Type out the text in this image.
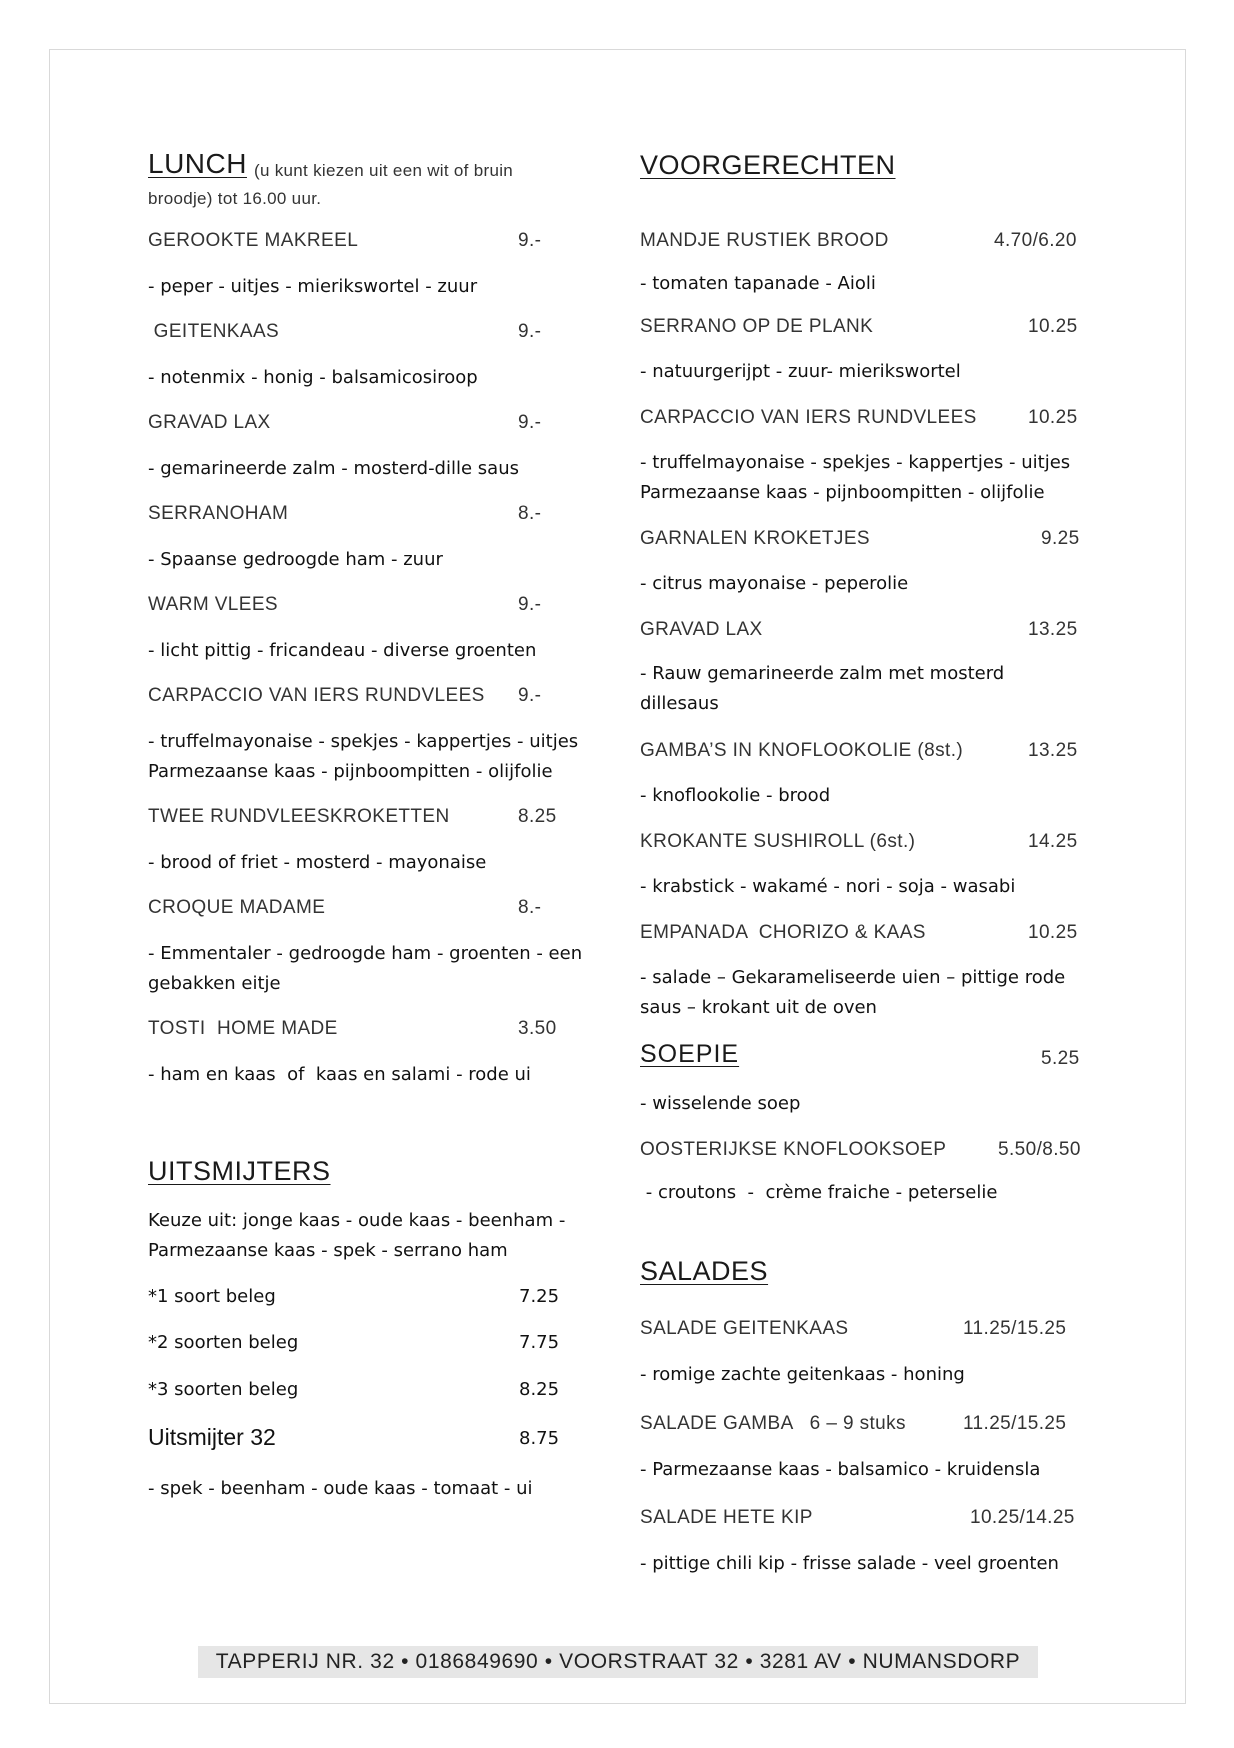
LUNCH (u kunt kiezen uit een wit of bruin
broodje) tot 16.00 uur.
GEROOKTE MAKREEL	9.-
- peper - uitjes - mierikswortel - zuur
GEITENKAAS	9.-
- notenmix - honig - balsamicosiroop
GRAVAD LAX	9.-
- gemarineerde zalm - mosterd-dille saus
SERRANOHAM	8.-
- Spaanse gedroogde ham - zuur
WARM VLEES	9.-
- licht pittig - fricandeau - diverse groenten
CARPACCIO VAN IERS RUNDVLEES 9.-
- truffelmayonaise - spekjes - kappertjes - uitjes
Parmezaanse kaas - pijnboompitten - olijfolie
TWEE RUNDVLEESKROKETTEN	8.25
- brood of friet - mosterd - mayonaise
CROQUE MADAME	8.-
- Emmentaler - gedroogde ham - groenten - een
gebakken eitje
TOSTI  HOME MADE	3.50
- ham en kaas  of  kaas en salami - rode ui
UITSMIJTERS
Keuze uit: jonge kaas - oude kaas - beenham -
Parmezaanse kaas - spek - serrano ham
*1 soort beleg	7.25
*2 soorten beleg	7.75
*3 soorten beleg	8.25
Uitsmijter 32	8.75
- spek - beenham - oude kaas - tomaat - ui
VOORGERECHTEN
MANDJE RUSTIEK BROOD	4.70/6.20
- tomaten tapanade - Aioli
SERRANO OP DE PLANK	10.25
- natuurgerijpt - zuur- mierikswortel
CARPACCIO VAN IERS RUNDVLEES	10.25
- truffelmayonaise - spekjes - kappertjes - uitjes
Parmezaanse kaas - pijnboompitten - olijfolie
GARNALEN KROKETJES	9.25
- citrus mayonaise - peperolie
GRAVAD LAX	13.25
- Rauw gemarineerde zalm met mosterd
dillesaus
GAMBA’S IN KNOFLOOKOLIE (8st.)	13.25
- knoflookolie - brood
KROKANTE SUSHIROLL (6st.)	14.25
- krabstick - wakamé - nori - soja - wasabi
EMPANADA  CHORIZO & KAAS	10.25
- salade – Gekarameliseerde uien – pittige rode
saus – krokant uit de oven
SOEPIE	5.25
- wisselende soep
OOSTERIJKSE KNOFLOOKSOEP	5.50/8.50
- croutons  -  crème fraiche - peterselie
SALADES
SALADE GEITENKAAS	11.25/15.25
- romige zachte geitenkaas - honing
SALADE GAMBA   6 – 9 stuks	11.25/15.25
- Parmezaanse kaas - balsamico - kruidensla
SALADE HETE KIP	10.25/14.25
- pittige chili kip - frisse salade - veel groenten
TAPPERIJ NR. 32 • 0186849690 • VOORSTRAAT 32 • 3281 AV • NUMANSDORP
